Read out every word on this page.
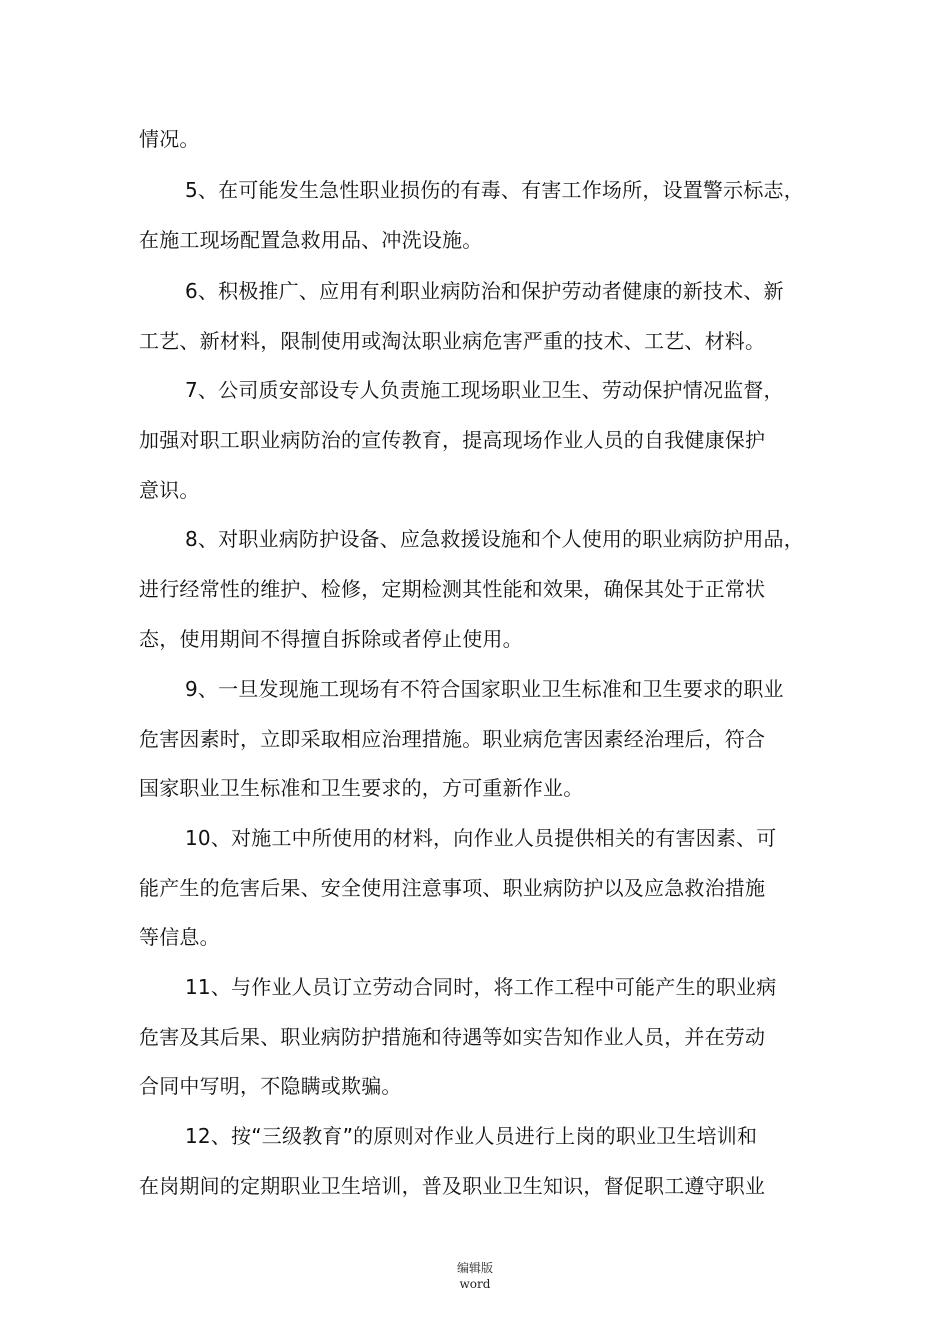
情况。
5、在可能发生急性职业损伤的有毒、有害工作场所，设置警示标志，
在施工现场配置急救用品、冲洗设施。
6、积极推广、应用有利职业病防治和保护劳动者健康的新技术、新
工艺、新材料，限制使用或淘汰职业病危害严重的技术、工艺、材料。
7、公司质安部设专人负责施工现场职业卫生、劳动保护情况监督，
加强对职工职业病防治的宣传教育，提高现场作业人员的自我健康保护
意识。
8、对职业病防护设备、应急救援设施和个人使用的职业病防护用品，
进行经常性的维护、检修，定期检测其性能和效果，确保其处于正常状
态，使用期间不得擅自拆除或者停止使用。
9、一旦发现施工现场有不符合国家职业卫生标准和卫生要求的职业
危害因素时，立即采取相应治理措施。职业病危害因素经治理后，符合
国家职业卫生标准和卫生要求的，方可重新作业。
10、对施工中所使用的材料，向作业人员提供相关的有害因素、可
能产生的危害后果、安全使用注意事项、职业病防护以及应急救治措施
等信息。
11、与作业人员订立劳动合同时，将工作工程中可能产生的职业病
危害及其后果、职业病防护措施和待遇等如实告知作业人员，并在劳动
合同中写明，不隐瞒或欺骗。
12、按“三级教育”的原则对作业人员进行上岗的职业卫生培训和
在岗期间的定期职业卫生培训，普及职业卫生知识，督促职工遵守职业
编辑版
word
